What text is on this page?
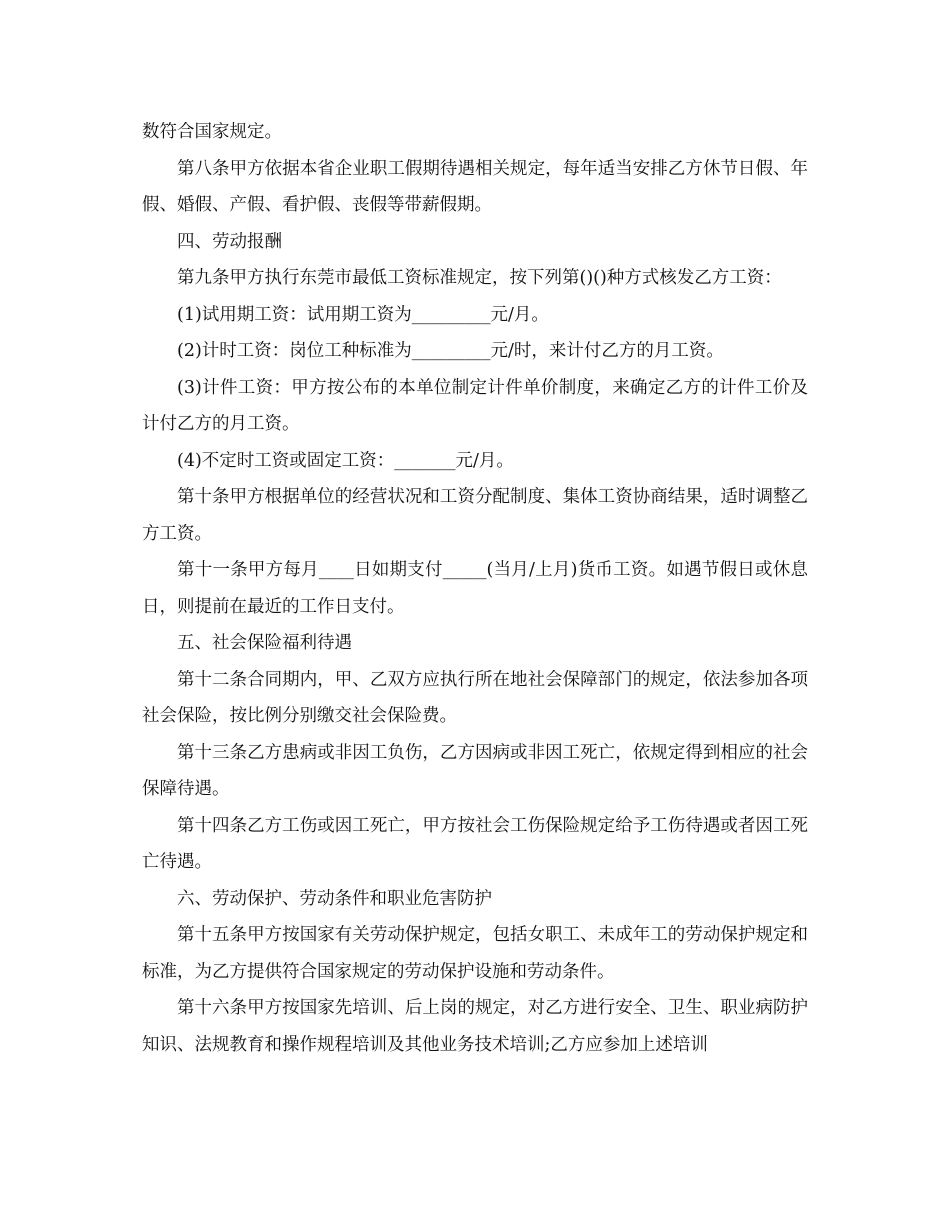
数符合国家规定。

第八条甲方依据本省企业职工假期待遇相关规定，每年适当安排乙方休节日假、年假、婚假、产假、看护假、丧假等带薪假期。

四、劳动报酬

第九条甲方执行东莞市最低工资标准规定，按下列第()()种方式核发乙方工资：

(1)试用期工资：试用期工资为_________元/月。

(2)计时工资：岗位工种标准为_________元/时，来计付乙方的月工资。

(3)计件工资：甲方按公布的本单位制定计件单价制度，来确定乙方的计件工价及计付乙方的月工资。

(4)不定时工资或固定工资：_______元/月。

第十条甲方根据单位的经营状况和工资分配制度、集体工资协商结果，适时调整乙方工资。

第十一条甲方每月____日如期支付_____(当月/上月)货币工资。如遇节假日或休息日，则提前在最近的工作日支付。

五、社会保险福利待遇

第十二条合同期内，甲、乙双方应执行所在地社会保障部门的规定，依法参加各项社会保险，按比例分别缴交社会保险费。

第十三条乙方患病或非因工负伤，乙方因病或非因工死亡，依规定得到相应的社会保障待遇。

第十四条乙方工伤或因工死亡，甲方按社会工伤保险规定给予工伤待遇或者因工死亡待遇。

六、劳动保护、劳动条件和职业危害防护

第十五条甲方按国家有关劳动保护规定，包括女职工、未成年工的劳动保护规定和标准，为乙方提供符合国家规定的劳动保护设施和劳动条件。

第十六条甲方按国家先培训、后上岗的规定，对乙方进行安全、卫生、职业病防护知识、法规教育和操作规程培训及其他业务技术培训;乙方应参加上述培训
